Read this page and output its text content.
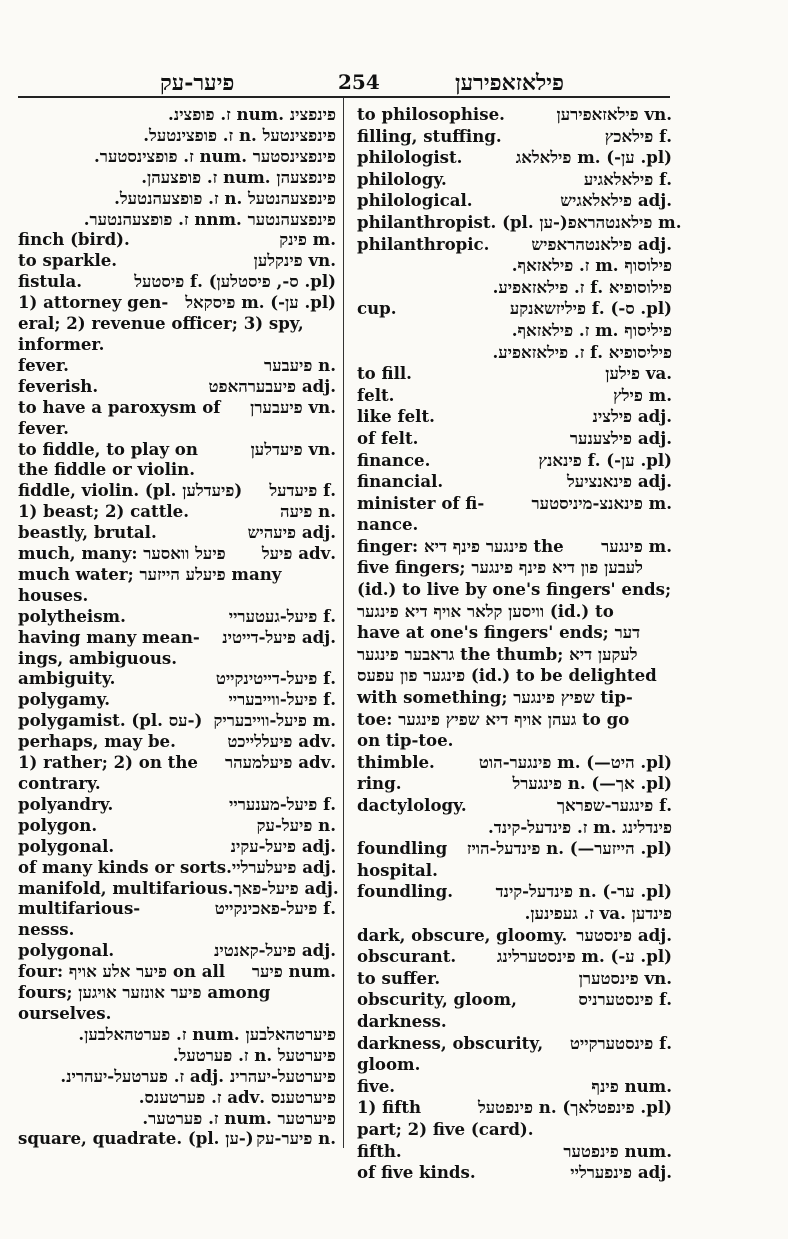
פיער-עק	254	פילאזאפירען
פינפצינ .num ז. פופצינ.
פינפצינטעל .n ז. פופצינטעל.
פינפצינסטער .num ז. פופצינסטער.
פינפצעהן .num ז. פופצעהן.
פינפצעהנטעל .n ז. פופצעהנטעל.
פינפצעהנטער .nnm ז. פופצעהנטער.
finch (bird).	.m פינק
to sparkle.	.vn פינקלען
fistula.	(pl. ס-, פיסטלען) .f פיסטעל
1) attorney gen- (pl. ען-) .m פיסקאל
eral; 2) revenue officer; 3) spy,
informer.
fever.	.n פיעבער
feverish.	.adj פיעבערהאפט
to have a paroxysm of .vn פיעבערן
fever.
to fiddle, to play on	.vn פיעדלען
the fiddle or violin.
fiddle, violin. (pl. פיעדלען) .f פיעדעל
1) beast; 2) cattle.	.n פיעה
beastly, brutal.	.adj פיעהיש
much, many: פיעל וואסער .adv פיעל
much water; פיעלע הייזער many
houses.
polytheism.	.f פיעל-געטעריי
having many mean- .adj פיעל-דייטינ
ings, ambiguous.
ambiguity.	.f פיעל-דייטינקייט
polygamy.	.f פיעל-ווייבעריי
polygamist. (pl. עס-) .m פיעל-ווייבעריק
perhaps, may be.	.adv פיעללייכט
1) rather; 2) on the .adv פיעלמעהר
contrary.
polyandry.	.f פיעל-מענעריי
polygon.	.n פיעל-עק
polygonal.	.adj פיעל-עקינ
of many kinds or sorts. .adj פיעלערליי
manifold, multifarious. .adj פיעל-פאך
multifarious-	.f פיעל-פאכינקייט
nesss.
polygonal.	.adj פיעל-קאנטינ
four: פיער אלע אויף on all .num פיער
fours; פיער אונזער אויגען among
ourselves.
פיערטהאלבען .num ז. פערטהאלבען.
פיערטעל .n ז. פערטעל.
פיערטעל-יעהרינ .adj ז. פערטעל-יעהרינ.
פיערטענס .adv ז. פערטענס.
פיערטער .num ז. פערטער.
square, quadrate. (pl. ען-) .n פיער-עק
to philosophise.	.vn פילאזאפירען
filling, stuffing.	.f פילאכץ
philologist.	(pl. ען-) .m פילאלאג
philology.	.f פילאלאגיע
philological.	.adj פילאלאגיש
philanthropist. (pl. ען-) .m פילאנטהראפ
philanthropic.	.adj פילאנטהראפיש
פילוסוף .m ז. פילאזאף.
פילוסופיא .f ז. פילאזאפיע.
cup.	(pl. ס-) .f פיליזשאנקע
פיליסוף .m ז. פילאזאף.
פיליסופיא .f ז. פילאזאפיע.
to fill.	.va פילען
felt.	.m פילץ
like felt.	.adj פילצינ
of felt.	.adj פילצענער
finance.	(pl. ען-) .f פינאנץ
financial.	.adj פינאנציעל
minister of fi-	.m פינאנצ-מיניסטער
nance.
finger: פינגער פינף דיא the .m פינגער
five fingers; לעבען פון דיא פינף פינגער
(id.) to live by one's fingers' ends;
וויסען קלאר אויף דיא פינגער (id.) to
have at one's fingers' ends; דער
גראבער פינגער the thumb; לעקען דיא
פינגער פון עפעס (id.) to be delighted
with something; שפיץ פינגער tip-
toe: געהן אויף דיא שפיץ פינגער to go
on tip-toe.
thimble.	(pl. היט—) .m פינגער-הוט
ring.	(pl. אך—) .n פינגערל
dactylology.	.f פינגער-שפראך
פינדלינג .m ז. פינדעל-קינד.
foundling (pl. הייזער—) .n פינדעל-הויז
hospital.
foundling.	(pl. ער-) .n פינדעל-קינד
פינדען .va ז. געפינען.
dark, obscure, gloomy. .adj פינסטער
obscurant. (pl. ע-) .m פינסטערלינג
to suffer.	.vn פינסטערן
obscurity, gloom,	.f פינסטערניס
darkness.
darkness, obscurity, .f פינסטערקייט
gloom.
five.	.num פינף
1) fifth	(pl. פינפטלאך) .n פינפטעל
part; 2) five (card).
fifth.	.num פינפטער
of five kinds.	.adj פינפערליי
